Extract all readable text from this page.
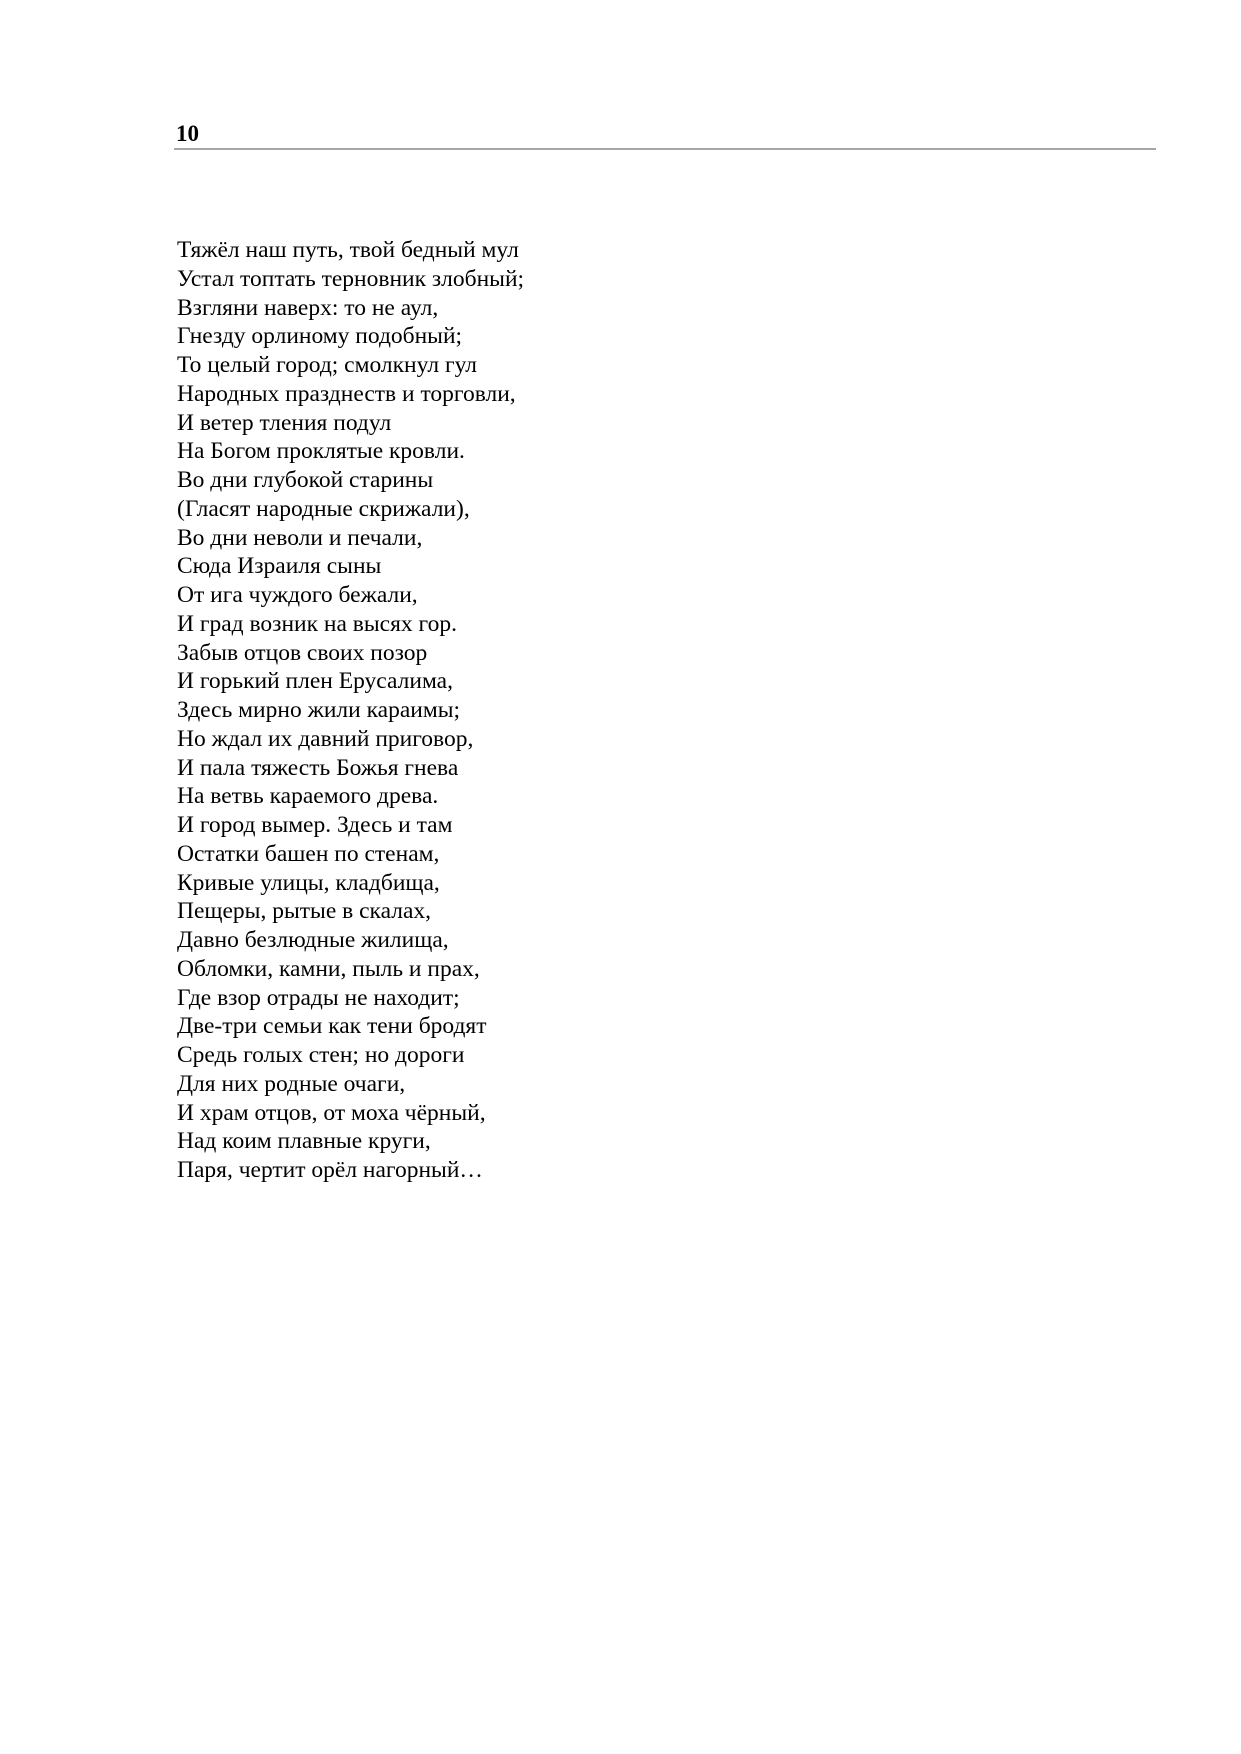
10
Тяжёл наш путь, твой бедный мул
Устал топтать терновник злобный;
Взгляни наверх: то не аул,
Гнезду орлиному подобный;
То целый город; смолкнул гул
Народных празднеств и торговли,
И ветер тления подул
На Богом проклятые кровли.
Во дни глубокой старины
(Гласят народные скрижали),
Во дни неволи и печали,
Сюда Израиля сыны
От ига чуждого бежали,
И град возник на высях гор.
Забыв отцов своих позор
И горький плен Ерусалима,
Здесь мирно жили караимы;
Но ждал их давний приговор,
И пала тяжесть Божья гнева
На ветвь караемого древа.
И город вымер. Здесь и там
Остатки башен по стенам,
Кривые улицы, кладбища,
Пещеры, рытые в скалах,
Давно безлюдные жилища,
Обломки, камни, пыль и прах,
Где взор отрады не находит;
Две-три семьи как тени бродят
Средь голых стен; но дороги
Для них родные очаги,
И храм отцов, от моха чёрный,
Над коим плавные круги,
Паря, чертит орёл нагорный…
